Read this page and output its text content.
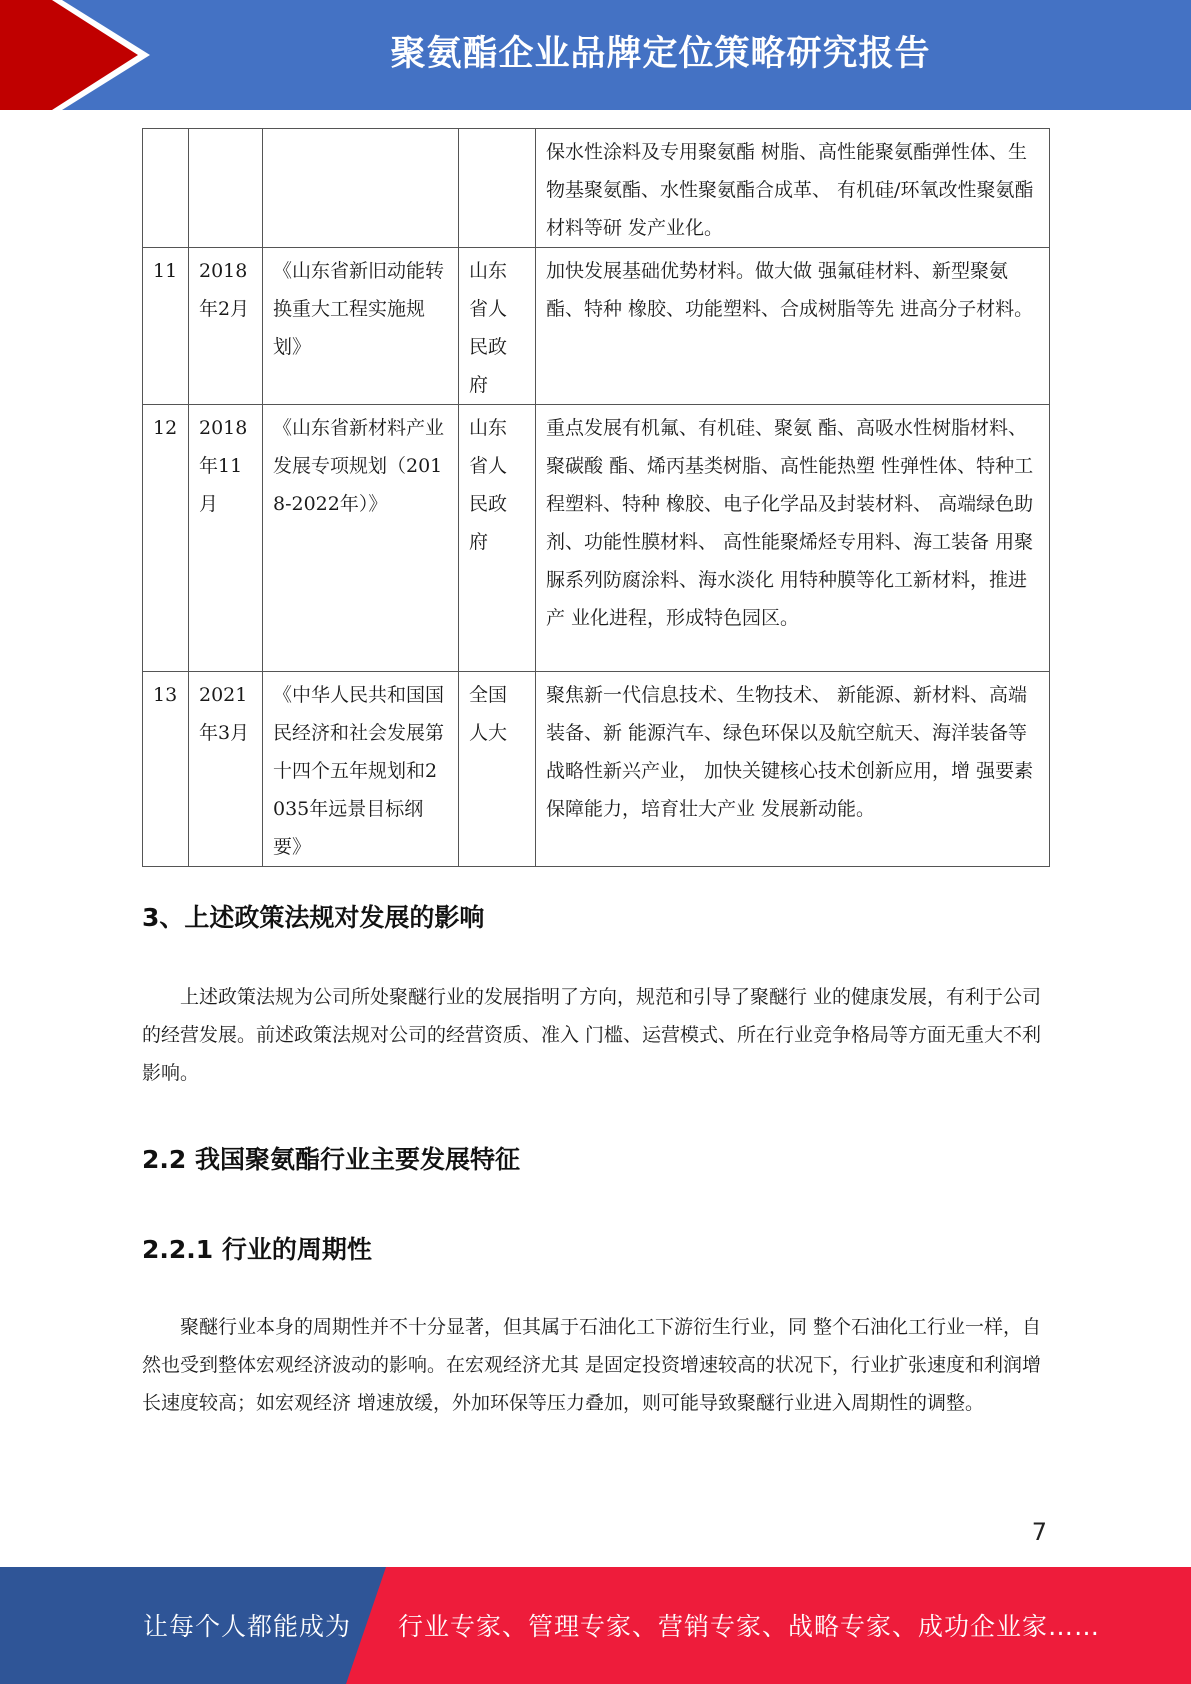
聚氨酯企业品牌定位策略研究报告
				保水性涂料及专用聚氨酯 树脂、高性能聚氨酯弹性体、生 物基聚氨酯、水性聚氨酯合成革、 有机硅/环氧改性聚氨酯材料等研 发产业化。
11	2018年2月	《山东省新旧动能转换重大工程实施规划》	山东省人民政府	加快发展基础优势材料。做大做 强氟硅材料、新型聚氨酯、特种 橡胶、功能塑料、合成树脂等先 进高分子材料。
12	2018年11月	《山东省新材料产业发展专项规划（2018-2022年）》	山东省人民政府	重点发展有机氟、有机硅、聚氨 酯、高吸水性树脂材料、聚碳酸 酯、烯丙基类树脂、高性能热塑 性弹性体、特种工程塑料、特种 橡胶、电子化学品及封装材料、 高端绿色助剂、功能性膜材料、 高性能聚烯烃专用料、海工装备 用聚脲系列防腐涂料、海水淡化 用特种膜等化工新材料，推进产 业化进程，形成特色园区。
13	2021年3月	《中华人民共和国国民经济和社会发展第十四个五年规划和2035年远景目标纲要》	全国人大	聚焦新一代信息技术、生物技术、 新能源、新材料、高端装备、新 能源汽车、绿色环保以及航空航天、海洋装备等战略性新兴产业， 加快关键核心技术创新应用，增 强要素保障能力，培育壮大产业 发展新动能。
3、上述政策法规对发展的影响

上述政策法规为公司所处聚醚行业的发展指明了方向，规范和引导了聚醚行 业的健康发展，有利于公司的经营发展。前述政策法规对公司的经营资质、准入 门槛、运营模式、所在行业竞争格局等方面无重大不利影响。

2.2 我国聚氨酯行业主要发展特征
2.2.1 行业的周期性

聚醚行业本身的周期性并不十分显著，但其属于石油化工下游衍生行业，同 整个石油化工行业一样，自然也受到整体宏观经济波动的影响。在宏观经济尤其 是固定投资增速较高的状况下，行业扩张速度和利润增长速度较高；如宏观经济 增速放缓，外加环保等压力叠加，则可能导致聚醚行业进入周期性的调整。

7
让每个人都能成为 行业专家、管理专家、营销专家、战略专家、成功企业家……
